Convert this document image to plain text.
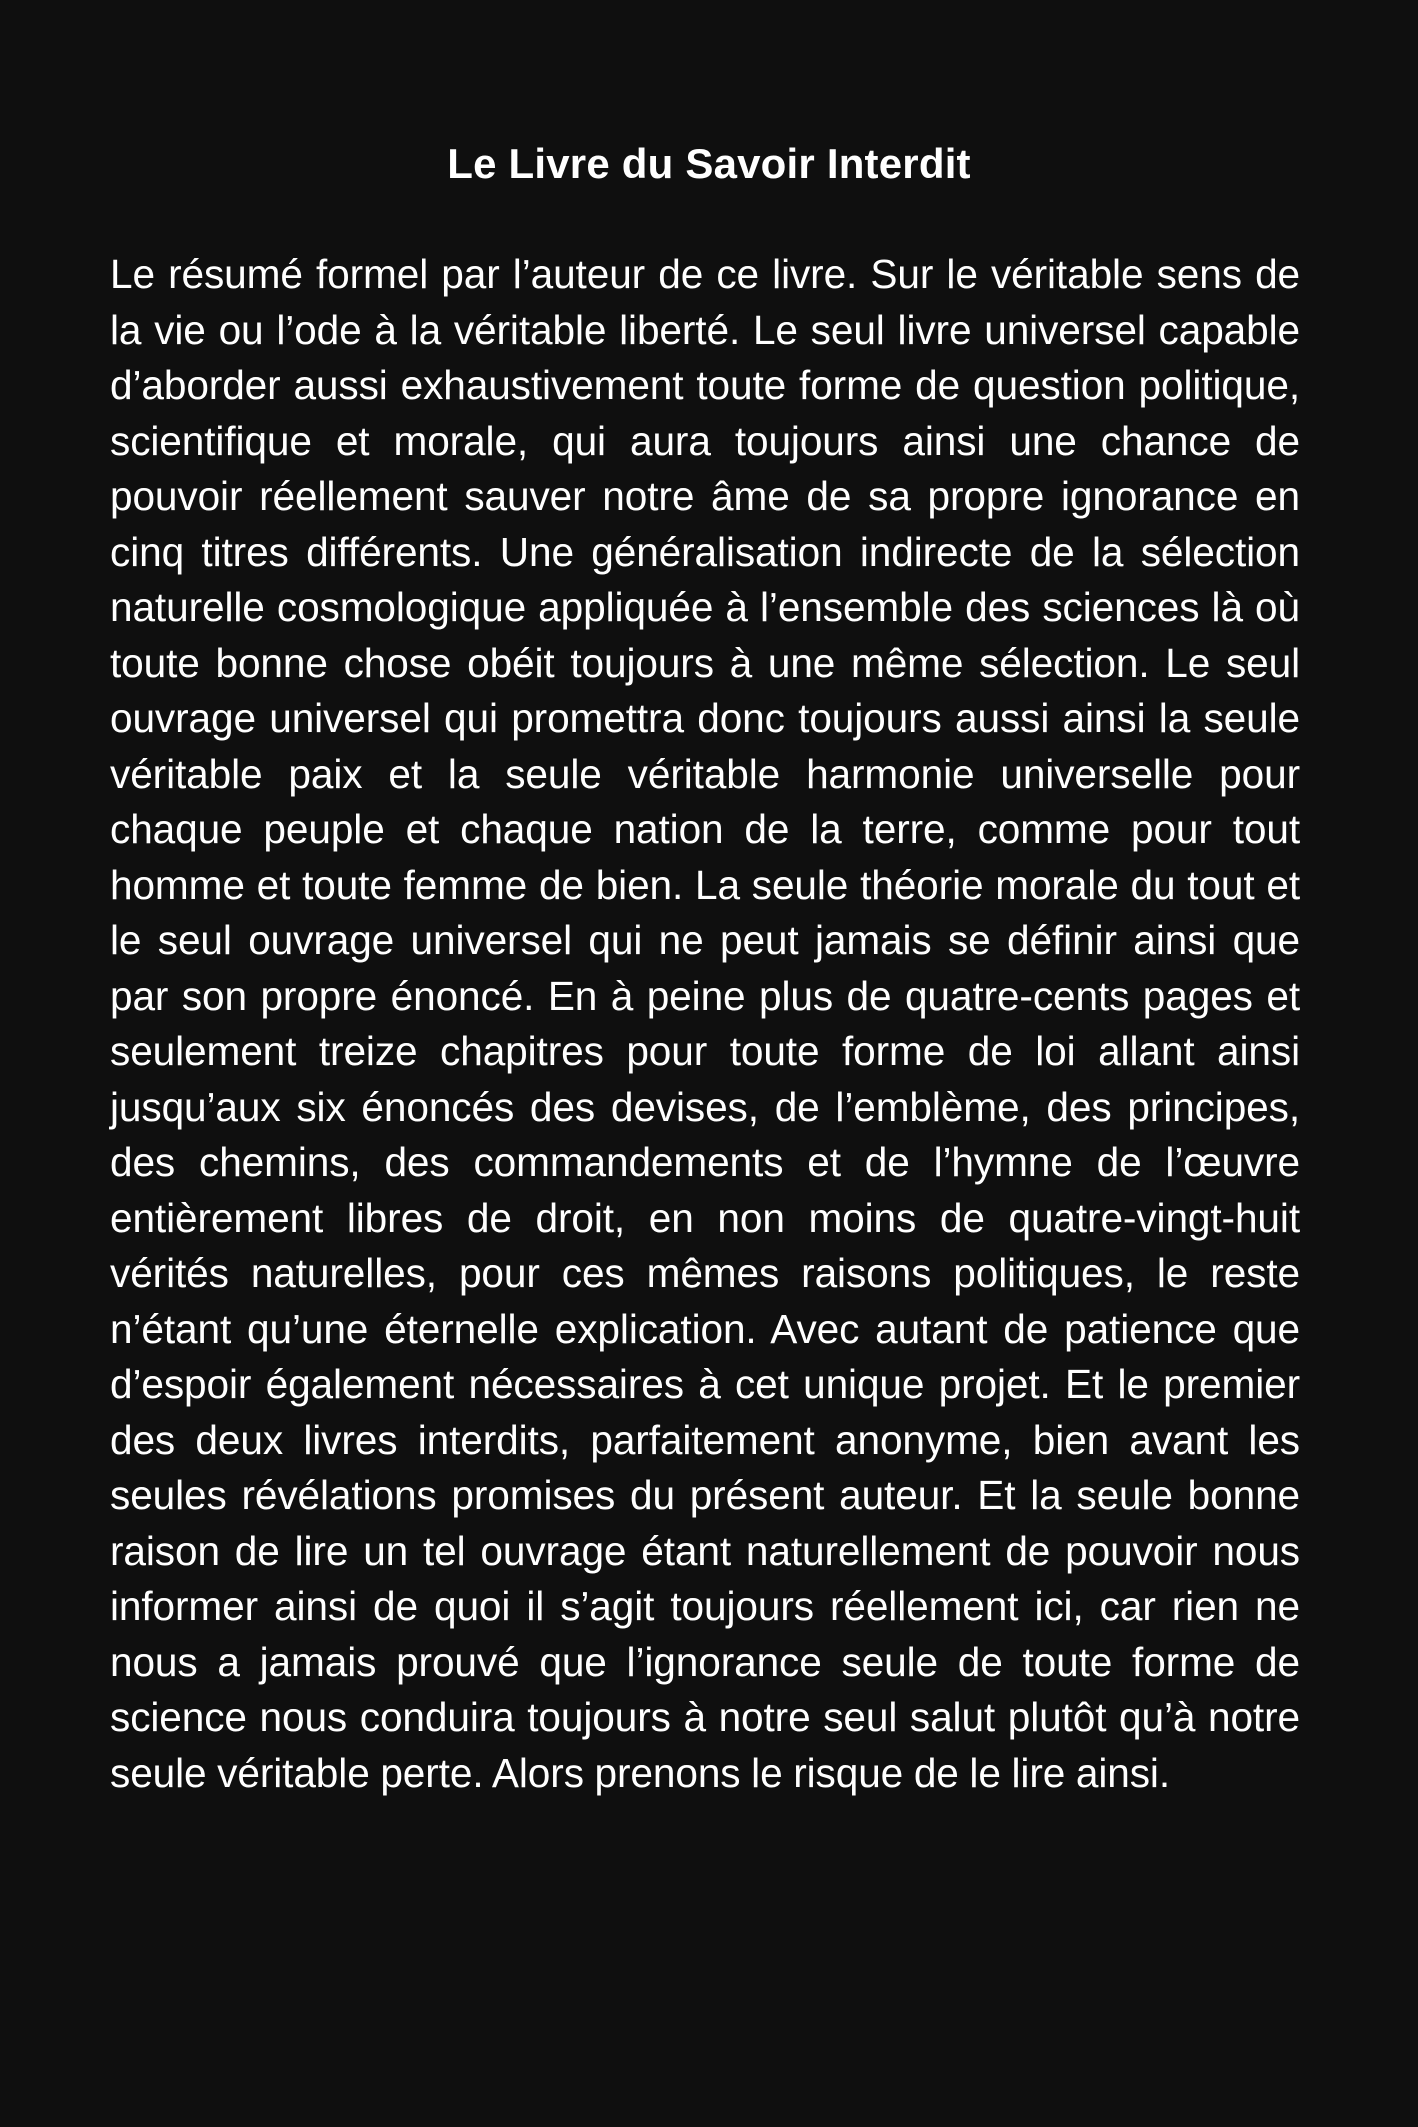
Le Livre du Savoir Interdit

Le résumé formel par l’auteur de ce livre. Sur le véritable sens de la vie ou l’ode à la véritable liberté. Le seul livre universel capable d’aborder aussi exhaustivement toute forme de question politique, scientifique et morale, qui aura toujours ainsi une chance de pouvoir réellement sauver notre âme de sa propre ignorance en cinq titres différents. Une généralisation indirecte de la sélection naturelle cosmologique appliquée à l’ensemble des sciences là où toute bonne chose obéit toujours à une même sélection. Le seul ouvrage universel qui promettra donc toujours aussi ainsi la seule véritable paix et la seule véritable harmonie universelle pour chaque peuple et chaque nation de la terre, comme pour tout homme et toute femme de bien. La seule théorie morale du tout et le seul ouvrage universel qui ne peut jamais se définir ainsi que par son propre énoncé. En à peine plus de quatre-cents pages et seulement treize chapitres pour toute forme de loi allant ainsi jusqu’aux six énoncés des devises, de l’emblème, des principes, des chemins, des commandements et de l’hymne de l’œuvre entièrement libres de droit, en non moins de quatre-vingt-huit vérités naturelles, pour ces mêmes raisons politiques, le reste n’étant qu’une éternelle explication. Avec autant de patience que d’espoir également nécessaires à cet unique projet. Et le premier des deux livres interdits, parfaitement anonyme, bien avant les seules révélations promises du présent auteur. Et la seule bonne raison de lire un tel ouvrage étant naturellement de pouvoir nous informer ainsi de quoi il s’agit toujours réellement ici, car rien ne nous a jamais prouvé que l’ignorance seule de toute forme de science nous conduira toujours à notre seul salut plutôt qu’à notre seule véritable perte. Alors prenons le risque de le lire ainsi.
